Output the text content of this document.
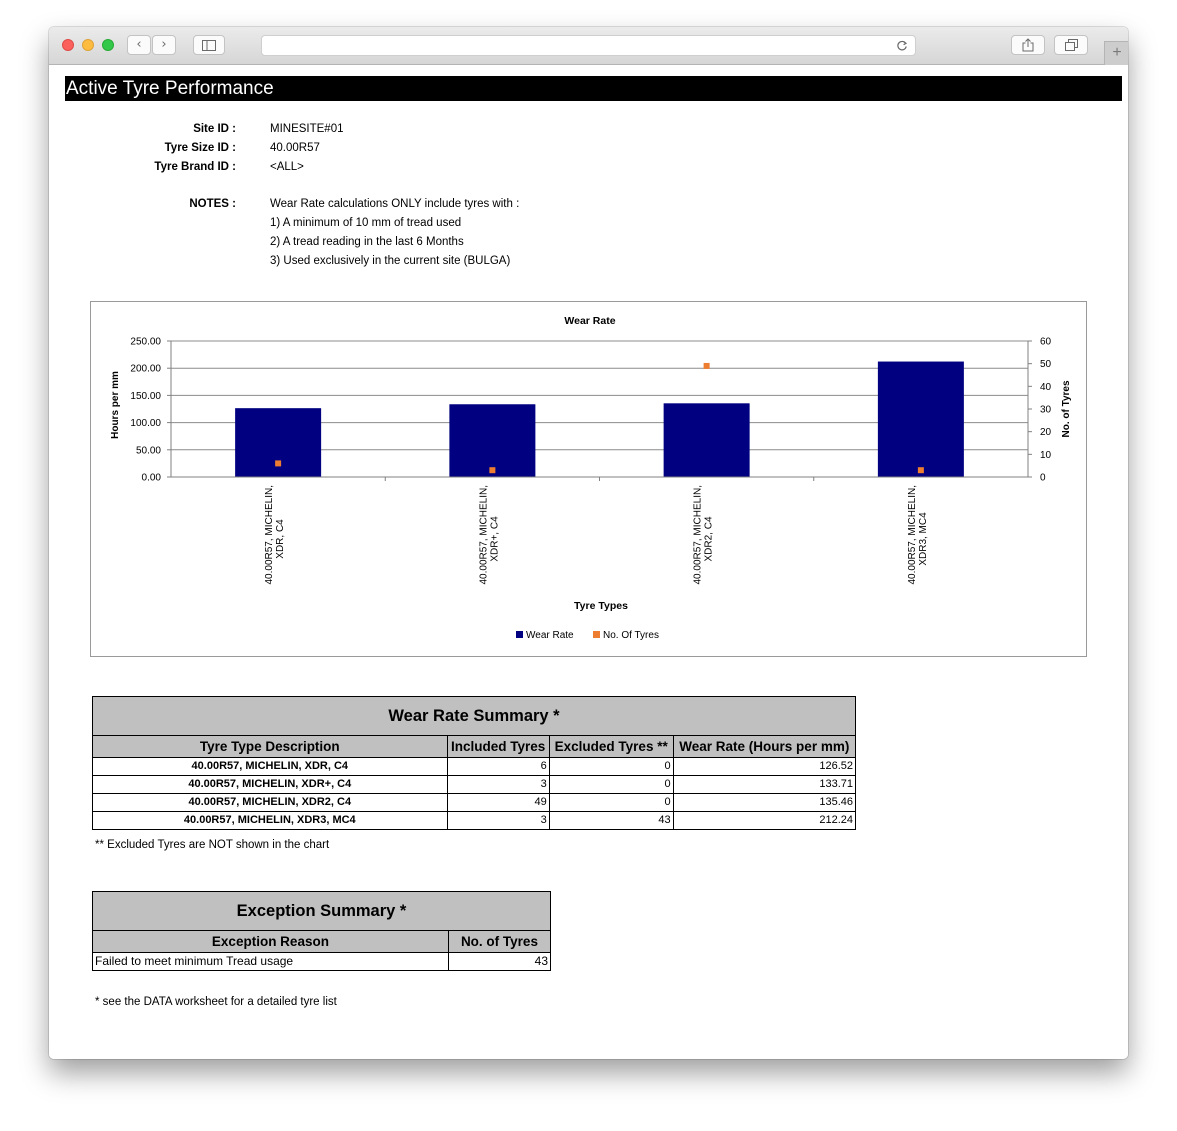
‹	›	+
Active Tyre Performance
Site ID :	MINESITE#01
Tyre Size ID :	40.00R57
Tyre Brand ID :	<ALL>
NOTES :	Wear Rate calculations ONLY include tyres with :
1) A minimum of 10 mm of tread used
2) A tread reading in the last 6 Months
3) Used exclusively in the current site (BULGA)
Wear Rate
Hours per mm	No. of Tyres
Tyre Types
250.00
200.00
150.00
100.00
50.00
0.00
60
50
40
30
20
10
0
40.00R57, MICHELIN,XDR, C4	40.00R57, MICHELIN,XDR+, C4	40.00R57, MICHELIN,XDR2, C4	40.00R57, MICHELIN,XDR3, MC4
Wear Rate	No. Of Tyres
Wear Rate Summary *			
Tyre Type Description	Included Tyres	Excluded Tyres **	Wear Rate (Hours per mm)
40.00R57, MICHELIN, XDR, C4	6	0	126.52
40.00R57, MICHELIN, XDR+, C4	3	0	133.71
40.00R57, MICHELIN, XDR2, C4	49	0	135.46
40.00R57, MICHELIN, XDR3, MC4	3	43	212.24
** Excluded Tyres are NOT shown in the chart
Exception Summary *	
Exception Reason	No. of Tyres
Failed to meet minimum Tread usage	43
* see the DATA worksheet for a detailed tyre list
